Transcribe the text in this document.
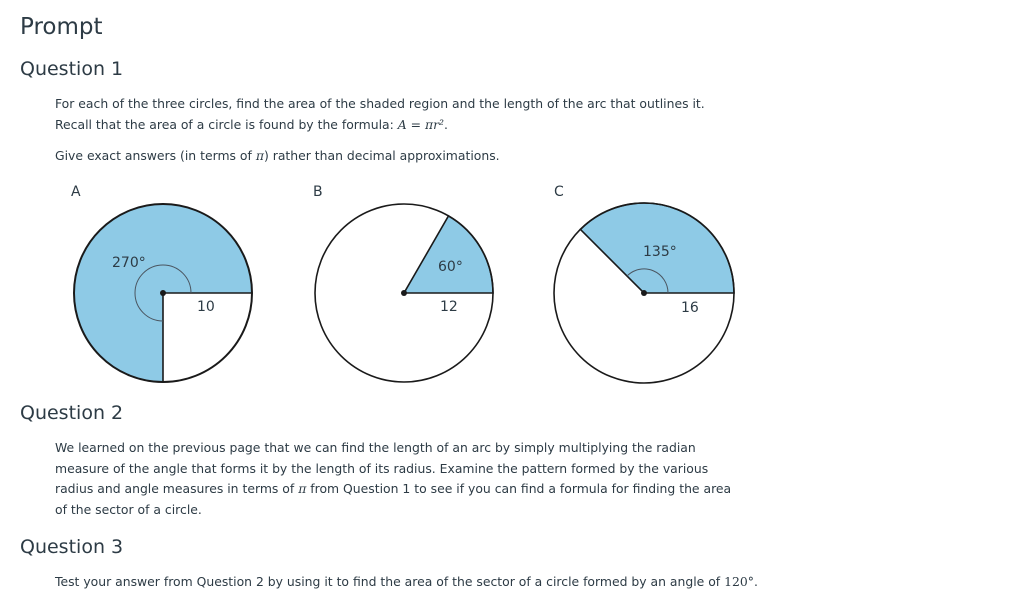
Prompt
Question 1

For each of the three circles, find the area of the shaded region and the length of the arc that outlines it. Recall that the area of a circle is found by the formula: A = πr².

Give exact answers (in terms of π) rather than decimal approximations.

A
270°
10
B
60°
12
C
135°
16
Question 2

We learned on the previous page that we can find the length of an arc by simply multiplying the radian measure of the angle that forms it by the length of its radius. Examine the pattern formed by the various radius and angle measures in terms of π from Question 1 to see if you can find a formula for finding the area of the sector of a circle.

Question 3

Test your answer from Question 2 by using it to find the area of the sector of a circle formed by an angle of 120°.
